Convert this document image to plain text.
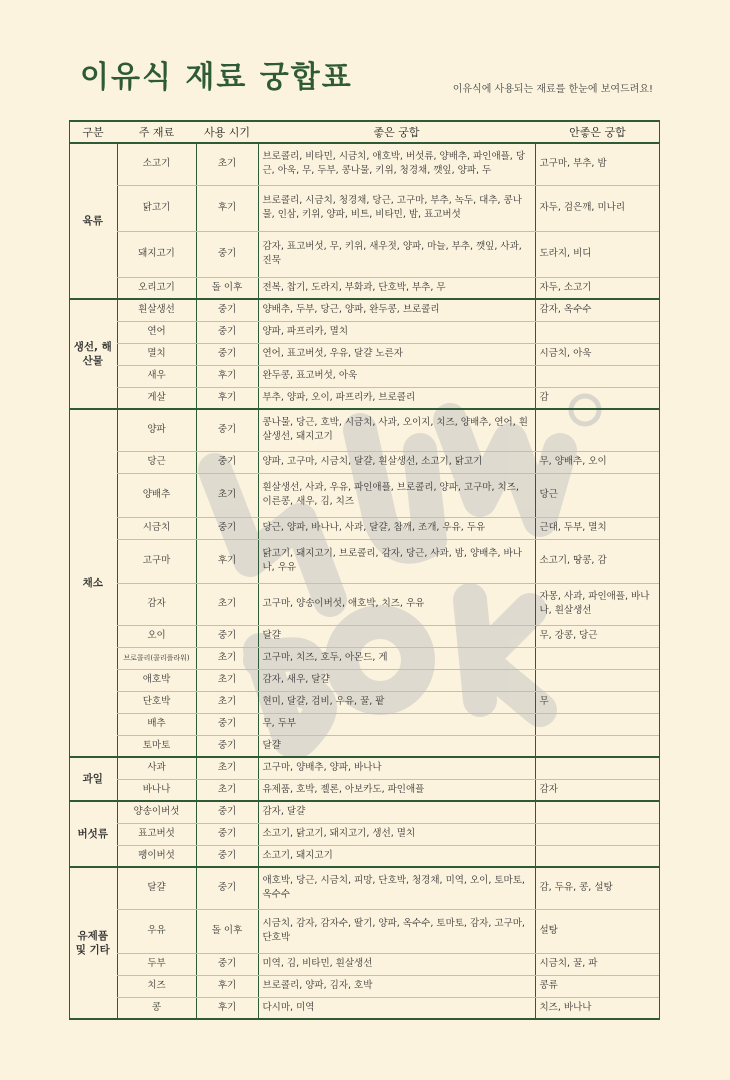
이유식 재료 궁합표	이유식에 사용되는 재료를 한눈에 보여드려요!
구분	주 재료	사용 시기	좋은 궁합	안좋은 궁합
육류	소고기	초기	브로콜리, 비타민, 시금치, 애호박, 버섯류, 양배추, 파인애플, 당근, 아욱, 무, 두부, 콩나물, 키위, 청경채, 깻잎, 양파, 두	고구마, 부추, 밤
	닭고기	후기	브로콜리, 시금치, 청경채, 당근, 고구마, 부추, 녹두, 대추, 콩나물, 인삼, 키위, 양파, 비트, 비타민, 밤, 표고버섯	자두, 검은깨, 미나리
	돼지고기	중기	감자, 표고버섯, 무, 키위, 새우젓, 양파, 마늘, 부추, 깻잎, 사과, 진묵	도라지, 비디
	오리고기	돌 이후	전복, 찹기, 도라지, 부화과, 단호박, 부추, 무	자두, 소고기
생선, 해산물	흰살생선	중기	양배추, 두부, 당근, 양파, 완두콩, 브로콜리	감자, 옥수수
	연어	중기	양파, 파프리카, 멸치	
	멸치	중기	연어, 표고버섯, 우유, 달걀 노른자	시금치, 아욱
	새우	후기	완두콩, 표고버섯, 아욱	
	게살	후기	부추, 양파, 오이, 파프리카, 브로콜리	감
채소	양파	중기	콩나물, 당근, 호박, 시금치, 사과, 오이지, 치즈, 양배추, 연어, 흰살생선, 돼지고기	
	당근	중기	양파, 고구마, 시금치, 달걀, 흰살생선, 소고기, 닭고기	무, 양배추, 오이
	양배추	초기	흰살생선, 사과, 우유, 파인애플, 브로콜리, 양파, 고구마, 치즈, 이른콩, 새우, 김, 치즈	당근
	시금치	중기	당근, 양파, 바나나, 사과, 달걀, 참깨, 조개, 우유, 두유	근대, 두부, 멸치
	고구마	후기	닭고기, 돼지고기, 브로콜리, 감자, 당근, 사과, 밤, 양배추, 바나나, 우유	소고기, 땅콩, 감
	감자	초기	고구마, 양송이버섯, 애호박, 치즈, 우유	자몽, 사과, 파인애플, 바나나, 흰살생선
	오이	중기	달걀	무, 강콩, 당근
	브로콜리(콜리플라워)	초기	고구마, 치즈, 호두, 아몬드, 게	
	애호박	초기	감자, 새우, 달걀	
	단호박	초기	현미, 달걀, 검비, 우유, 꿀, 팥	무
	배추	중기	무, 두부	
	토마토	중기	달걀	
과일	사과	초기	고구마, 양배추, 양파, 바나나	
	바나나	초기	유제품, 호박, 젤론, 아보카도, 파인애플	감자
버섯류	양송이버섯	중기	감자, 달걀	
	표고버섯	중기	소고기, 닭고기, 돼지고기, 생선, 멸치	
	팽이버섯	중기	소고기, 돼지고기	
유제품 및 기타	달걀	중기	애호박, 당근, 시금치, 피망, 단호박, 청경채, 미역, 오이, 토마토, 옥수수	감, 두유, 콩, 설탕
	우유	돌 이후	시금치, 감자, 감자수, 딸기, 양파, 옥수수, 토마토, 감자, 고구마, 단호박	설탕
	두부	중기	미역, 김, 비타민, 흰살생선	시금치, 꿀, 파
	치즈	후기	브로콜리, 양파, 김자, 호박	콩류
	콩	후기	다시마, 미역	치즈, 바나나
